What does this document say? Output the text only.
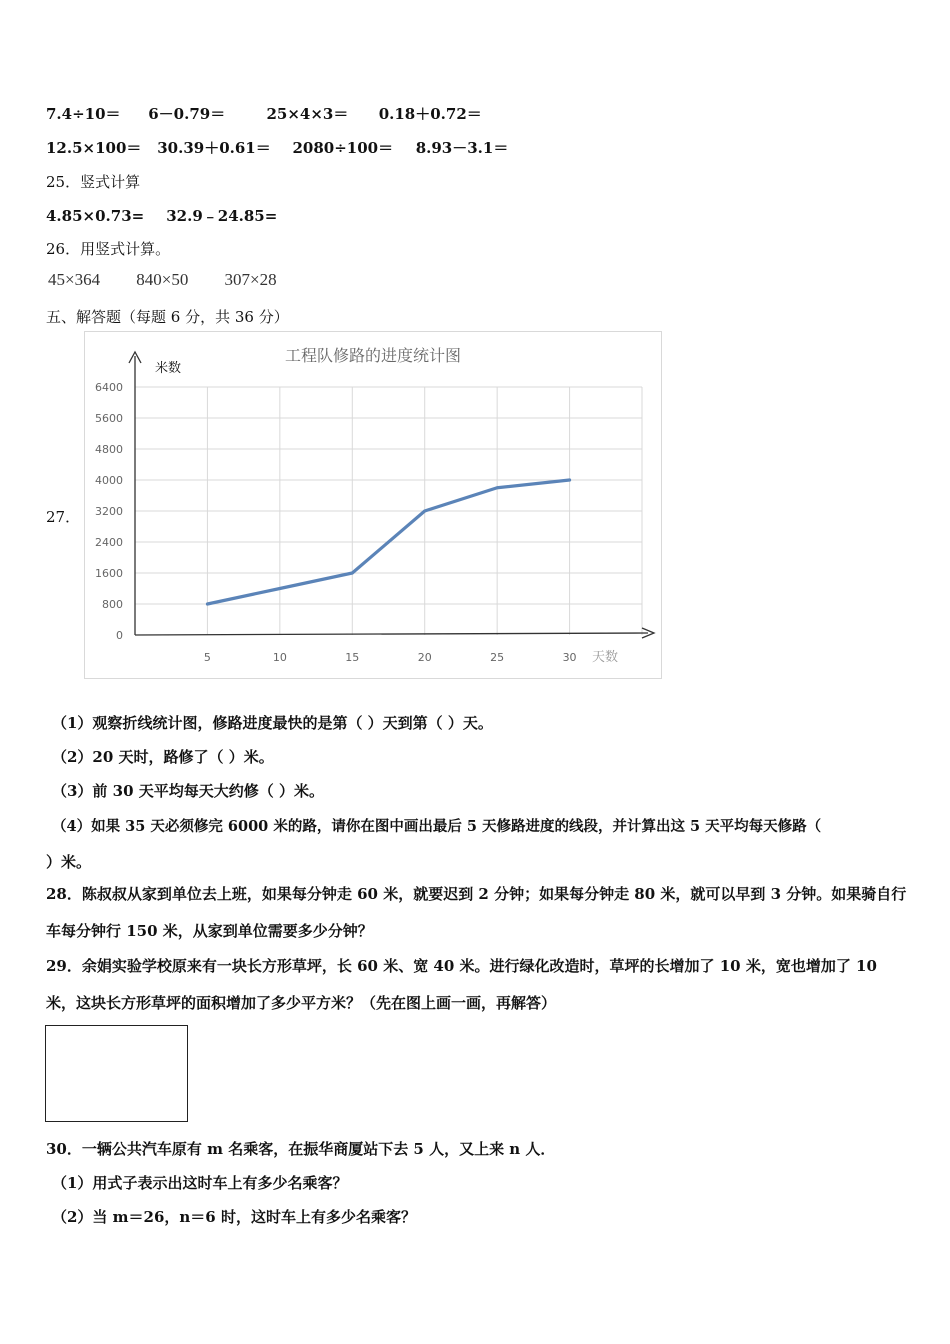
7.4÷10＝ 6－0.79＝	25×4×3＝ 0.18＋0.72＝
12.5×100＝ 30.39＋0.61＝ 2080÷100＝ 8.93－3.1＝
25．竖式计算
4.85×0.73= 32.9﹣24.85=
26．用竖式计算。
45×364 840×50 307×28
五、解答题（每题 6 分，共 36 分）
27．
工程队修路的进度统计图
米数
天数
0
800
1600
2400
3200
4000
4800
5600
6400
5	10	15	20	25	30
（1）观察折线统计图，修路进度最快的是第（ ）天到第（ ）天。
（2）20 天时，路修了（ ）米。
（3）前 30 天平均每天大约修（ ）米。
（4）如果 35 天必须修完 6000 米的路，请你在图中画出最后 5 天修路进度的线段，并计算出这 5 天平均每天修路（
）米。
28．陈叔叔从家到单位去上班，如果每分钟走 60 米，就要迟到 2 分钟；如果每分钟走 80 米，就可以早到 3 分钟。如果骑自行车每分钟行 150 米，从家到单位需要多少分钟？
29．余娟实验学校原来有一块长方形草坪，长 60 米、宽 40 米。进行绿化改造时，草坪的长增加了 10 米，宽也增加了 10 米，这块长方形草坪的面积增加了多少平方米？（先在图上画一画，再解答）
30．一辆公共汽车原有 m 名乘客，在振华商厦站下去 5 人，又上来 n 人．
（1）用式子表示出这时车上有多少名乘客？
（2）当 m＝26，n＝6 时，这时车上有多少名乘客？
